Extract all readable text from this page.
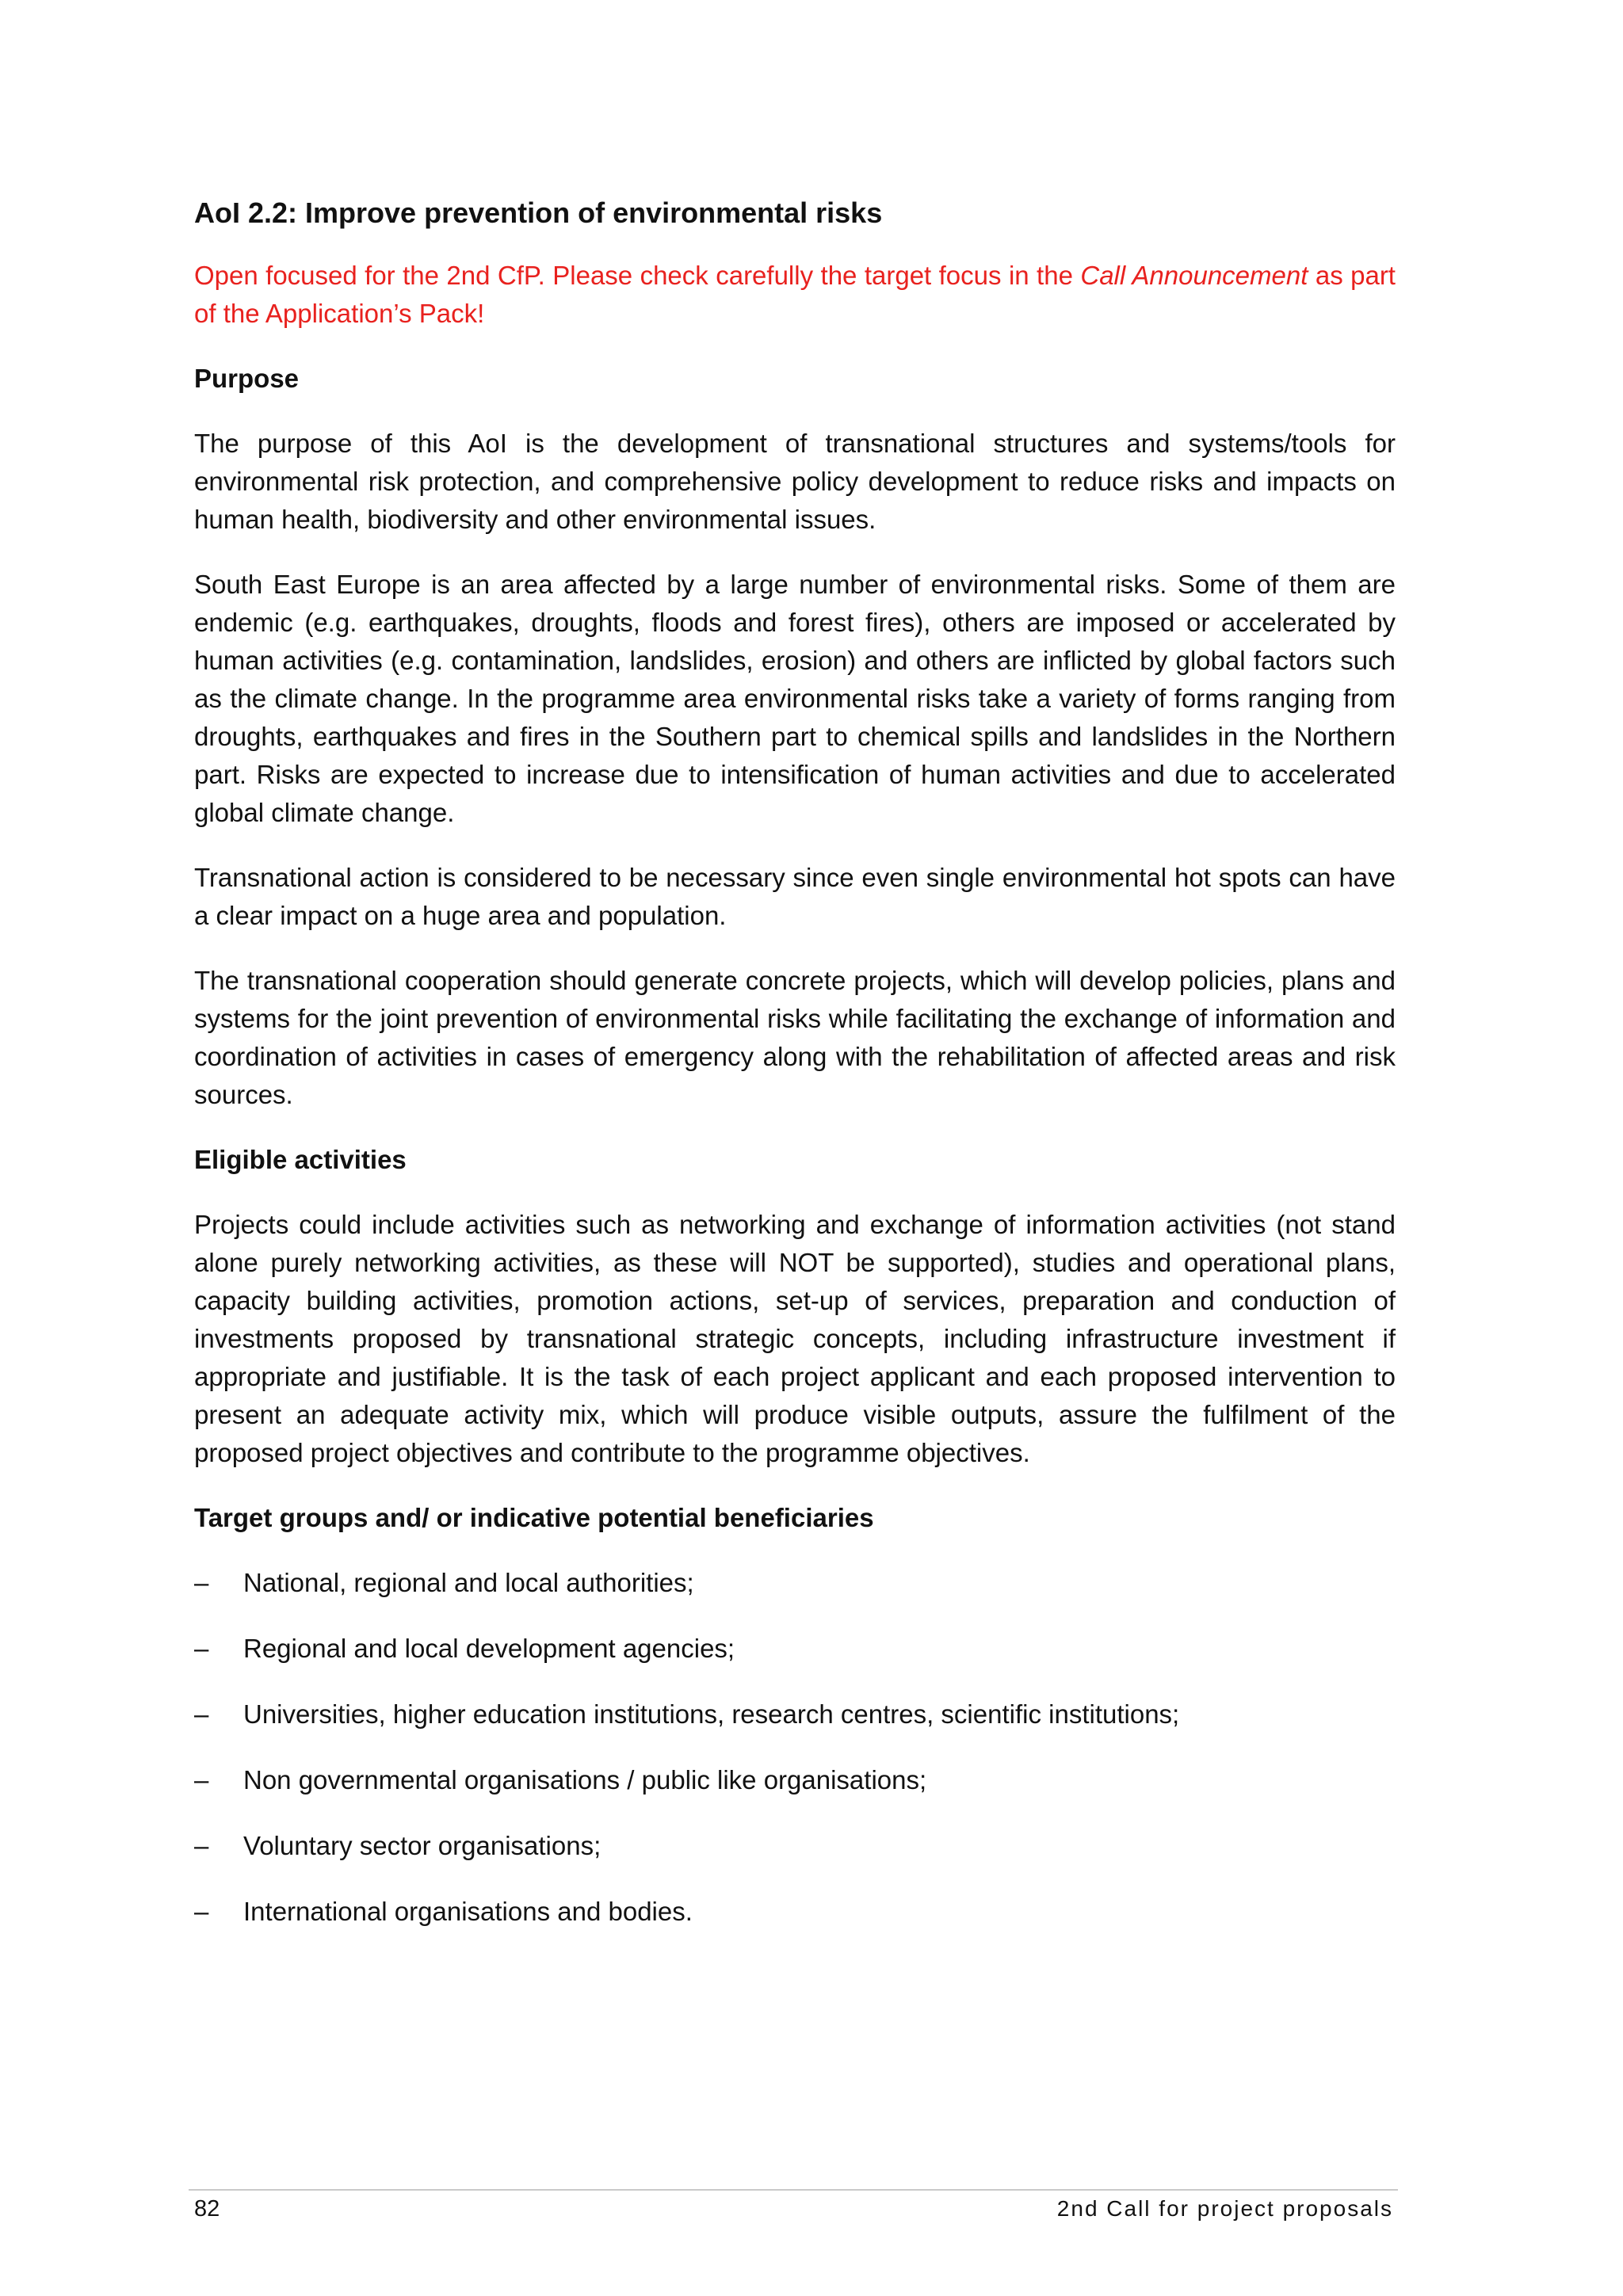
AoI 2.2: Improve prevention of environmental risks
Open focused for the 2nd CfP. Please check carefully the target focus in the Call Announcement as part of the Application’s Pack!
Purpose

The purpose of this AoI is the development of transnational structures and systems/tools for environmental risk protection, and comprehensive policy development to reduce risks and impacts on human health, biodiversity and other environmental issues.

South East Europe is an area affected by a large number of environmental risks. Some of them are endemic (e.g. earthquakes, droughts, floods and forest fires), others are imposed or accelerated by human activities (e.g. contamination, landslides, erosion) and others are inflicted by global factors such as the climate change. In the programme area environmental risks take a variety of forms ranging from droughts, earthquakes and fires in the Southern part to chemical spills and landslides in the Northern part. Risks are expected to increase due to intensification of human activities and due to accelerated global climate change.

Transnational action is considered to be necessary since even single environmental hot spots can have a clear impact on a huge area and population.

The transnational cooperation should generate concrete projects, which will develop policies, plans and systems for the joint prevention of environmental risks while facilitating the exchange of information and coordination of activities in cases of emergency along with the rehabilitation of affected areas and risk sources.

Eligible activities

Projects could include activities such as networking and exchange of information activities (not stand alone purely networking activities, as these will NOT be supported), studies and operational plans, capacity building activities, promotion actions, set-up of services, preparation and conduction of investments proposed by transnational strategic concepts, including infrastructure investment if appropriate and justifiable. It is the task of each project applicant and each proposed intervention to present an adequate activity mix, which will produce visible outputs, assure the fulfilment of the proposed project objectives and contribute to the programme objectives.

Target groups and/ or indicative potential beneficiaries
– National, regional and local authorities;
– Regional and local development agencies;
– Universities, higher education institutions, research centres, scientific institutions;
– Non governmental organisations / public like organisations;
– Voluntary sector organisations;
– International organisations and bodies.
82	2nd Call for project proposals
